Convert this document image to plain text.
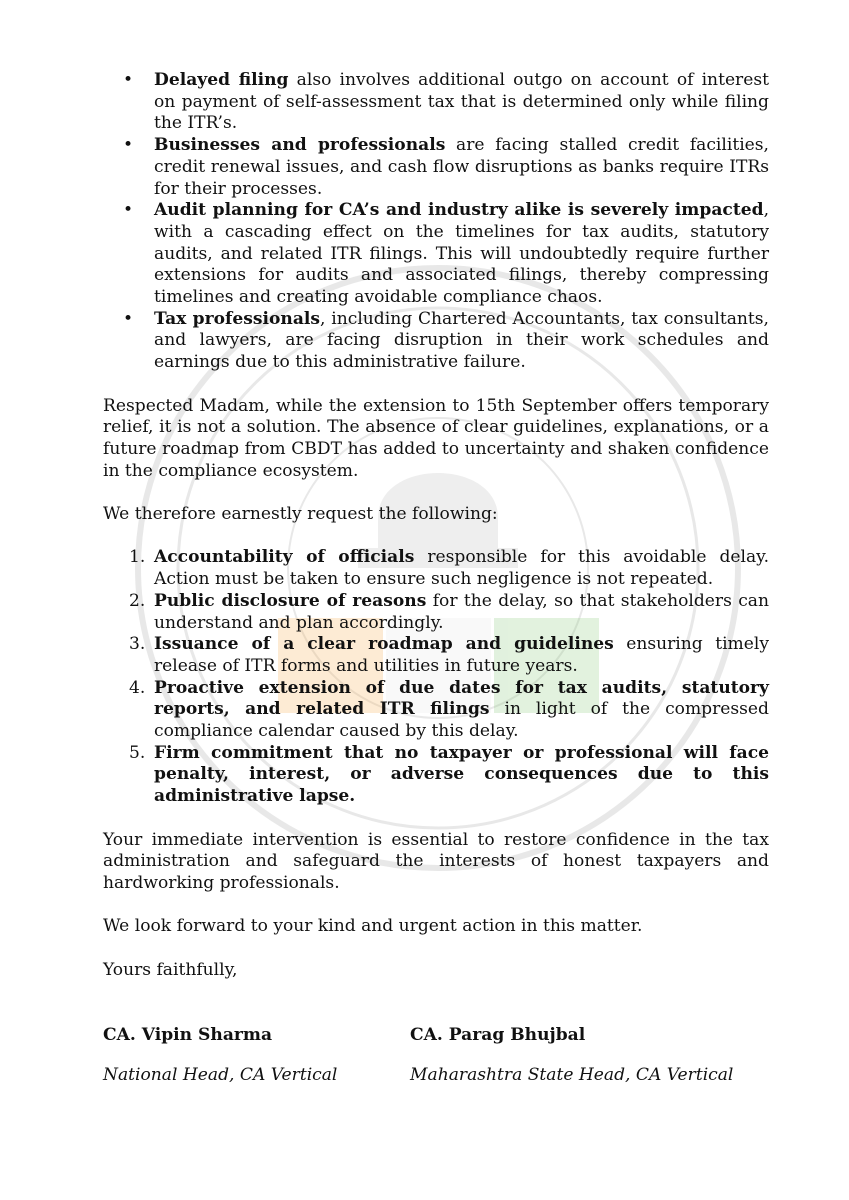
• Delayed filing also involves additional outgo on account of interest on payment of self-assessment tax that is determined only while filing the ITR’s.
• Businesses and professionals are facing stalled credit facilities, credit renewal issues, and cash flow disruptions as banks require ITRs for their processes.
• Audit planning for CA’s and industry alike is severely impacted, with a cascading effect on the timelines for tax audits, statutory audits, and related ITR filings. This will undoubtedly require further extensions for audits and associated filings, thereby compressing timelines and creating avoidable compliance chaos.
• Tax professionals, including Chartered Accountants, tax consultants, and lawyers, are facing disruption in their work schedules and earnings due to this administrative failure.

Respected Madam, while the extension to 15th September offers temporary relief, it is not a solution. The absence of clear guidelines, explanations, or a future roadmap from CBDT has added to uncertainty and shaken confidence in the compliance ecosystem.

We therefore earnestly request the following:

1. Accountability of officials responsible for this avoidable delay. Action must be taken to ensure such negligence is not repeated.
2. Public disclosure of reasons for the delay, so that stakeholders can understand and plan accordingly.
3. Issuance of a clear roadmap and guidelines ensuring timely release of ITR forms and utilities in future years.
4. Proactive extension of due dates for tax audits, statutory reports, and related ITR filings in light of the compressed compliance calendar caused by this delay.
5. Firm commitment that no taxpayer or professional will face penalty, interest, or adverse consequences due to this administrative lapse.

Your immediate intervention is essential to restore confidence in the tax administration and safeguard the interests of honest taxpayers and hardworking professionals.

We look forward to your kind and urgent action in this matter.

Yours faithfully,

CA. Vipin Sharma
National Head, CA Vertical
CA. Parag Bhujbal
Maharashtra State Head, CA Vertical
